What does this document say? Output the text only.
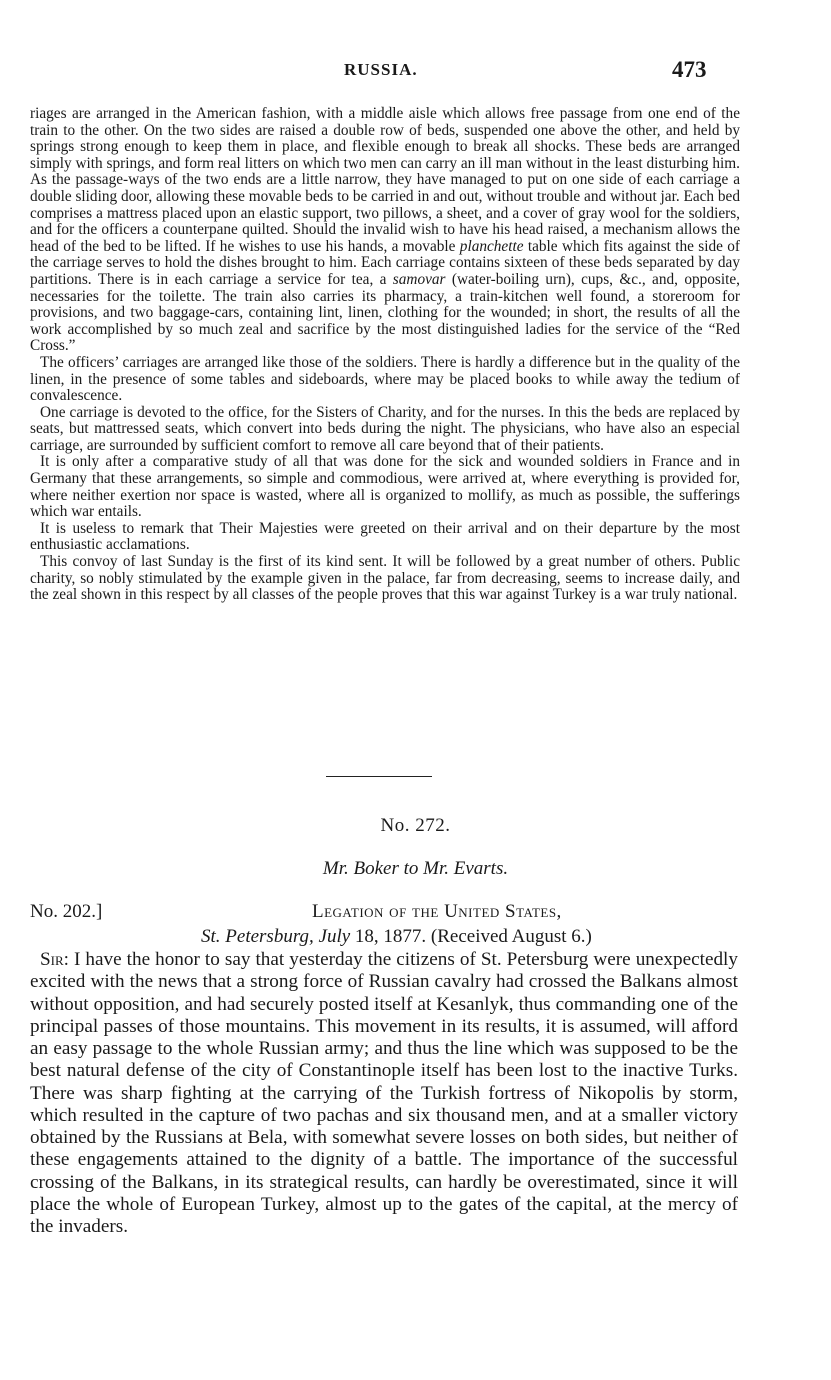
RUSSIA.	473

riages are arranged in the American fashion, with a middle aisle which allows free passage from one end of the train to the other. On the two sides are raised a double row of beds, suspended one above the other, and held by springs strong enough to keep them in place, and flexible enough to break all shocks. These beds are arranged simply with springs, and form real litters on which two men can carry an ill man without in the least disturbing him. As the passage-ways of the two ends are a little narrow, they have managed to put on one side of each carriage a double sliding door, allowing these movable beds to be carried in and out, without trouble and without jar. Each bed comprises a mattress placed upon an elastic support, two pillows, a sheet, and a cover of gray wool for the soldiers, and for the officers a counterpane quilted. Should the invalid wish to have his head raised, a mechanism allows the head of the bed to be lifted. If he wishes to use his hands, a movable planchette table which fits against the side of the carriage serves to hold the dishes brought to him. Each carriage contains sixteen of these beds separated by day partitions. There is in each carriage a service for tea, a samovar (water-boiling urn), cups, &c., and, opposite, necessaries for the toilette. The train also carries its pharmacy, a train-kitchen well found, a storeroom for provisions, and two baggage-cars, containing lint, linen, clothing for the wounded; in short, the results of all the work accomplished by so much zeal and sacrifice by the most distinguished ladies for the service of the “Red Cross.”

The officers’ carriages are arranged like those of the soldiers. There is hardly a difference but in the quality of the linen, in the presence of some tables and sideboards, where may be placed books to while away the tedium of convalescence.

One carriage is devoted to the office, for the Sisters of Charity, and for the nurses. In this the beds are replaced by seats, but mattressed seats, which convert into beds during the night. The physicians, who have also an especial carriage, are surrounded by sufficient comfort to remove all care beyond that of their patients.

It is only after a comparative study of all that was done for the sick and wounded soldiers in France and in Germany that these arrangements, so simple and commodious, were arrived at, where everything is provided for, where neither exertion nor space is wasted, where all is organized to mollify, as much as possible, the sufferings which war entails.

It is useless to remark that Their Majesties were greeted on their arrival and on their departure by the most enthusiastic acclamations.

This convoy of last Sunday is the first of its kind sent. It will be followed by a great number of others. Public charity, so nobly stimulated by the example given in the palace, far from decreasing, seems to increase daily, and the zeal shown in this respect by all classes of the people proves that this war against Turkey is a war truly national.

No. 272.
Mr. Boker to Mr. Evarts.
No. 202.]	Legation of the United States,
St. Petersburg, July 18, 1877. (Received August 6.)

Sir: I have the honor to say that yesterday the citizens of St. Petersburg were unexpectedly excited with the news that a strong force of Russian cavalry had crossed the Balkans almost without opposition, and had securely posted itself at Kesanlyk, thus commanding one of the principal passes of those mountains. This movement in its results, it is assumed, will afford an easy passage to the whole Russian army; and thus the line which was supposed to be the best natural defense of the city of Constantinople itself has been lost to the inactive Turks. There was sharp fighting at the carrying of the Turkish fortress of Nikopolis by storm, which resulted in the capture of two pachas and six thousand men, and at a smaller victory obtained by the Russians at Bela, with somewhat severe losses on both sides, but neither of these engagements attained to the dignity of a battle. The importance of the successful crossing of the Balkans, in its strategical results, can hardly be overestimated, since it will place the whole of European Turkey, almost up to the gates of the capital, at the mercy of the invaders.
